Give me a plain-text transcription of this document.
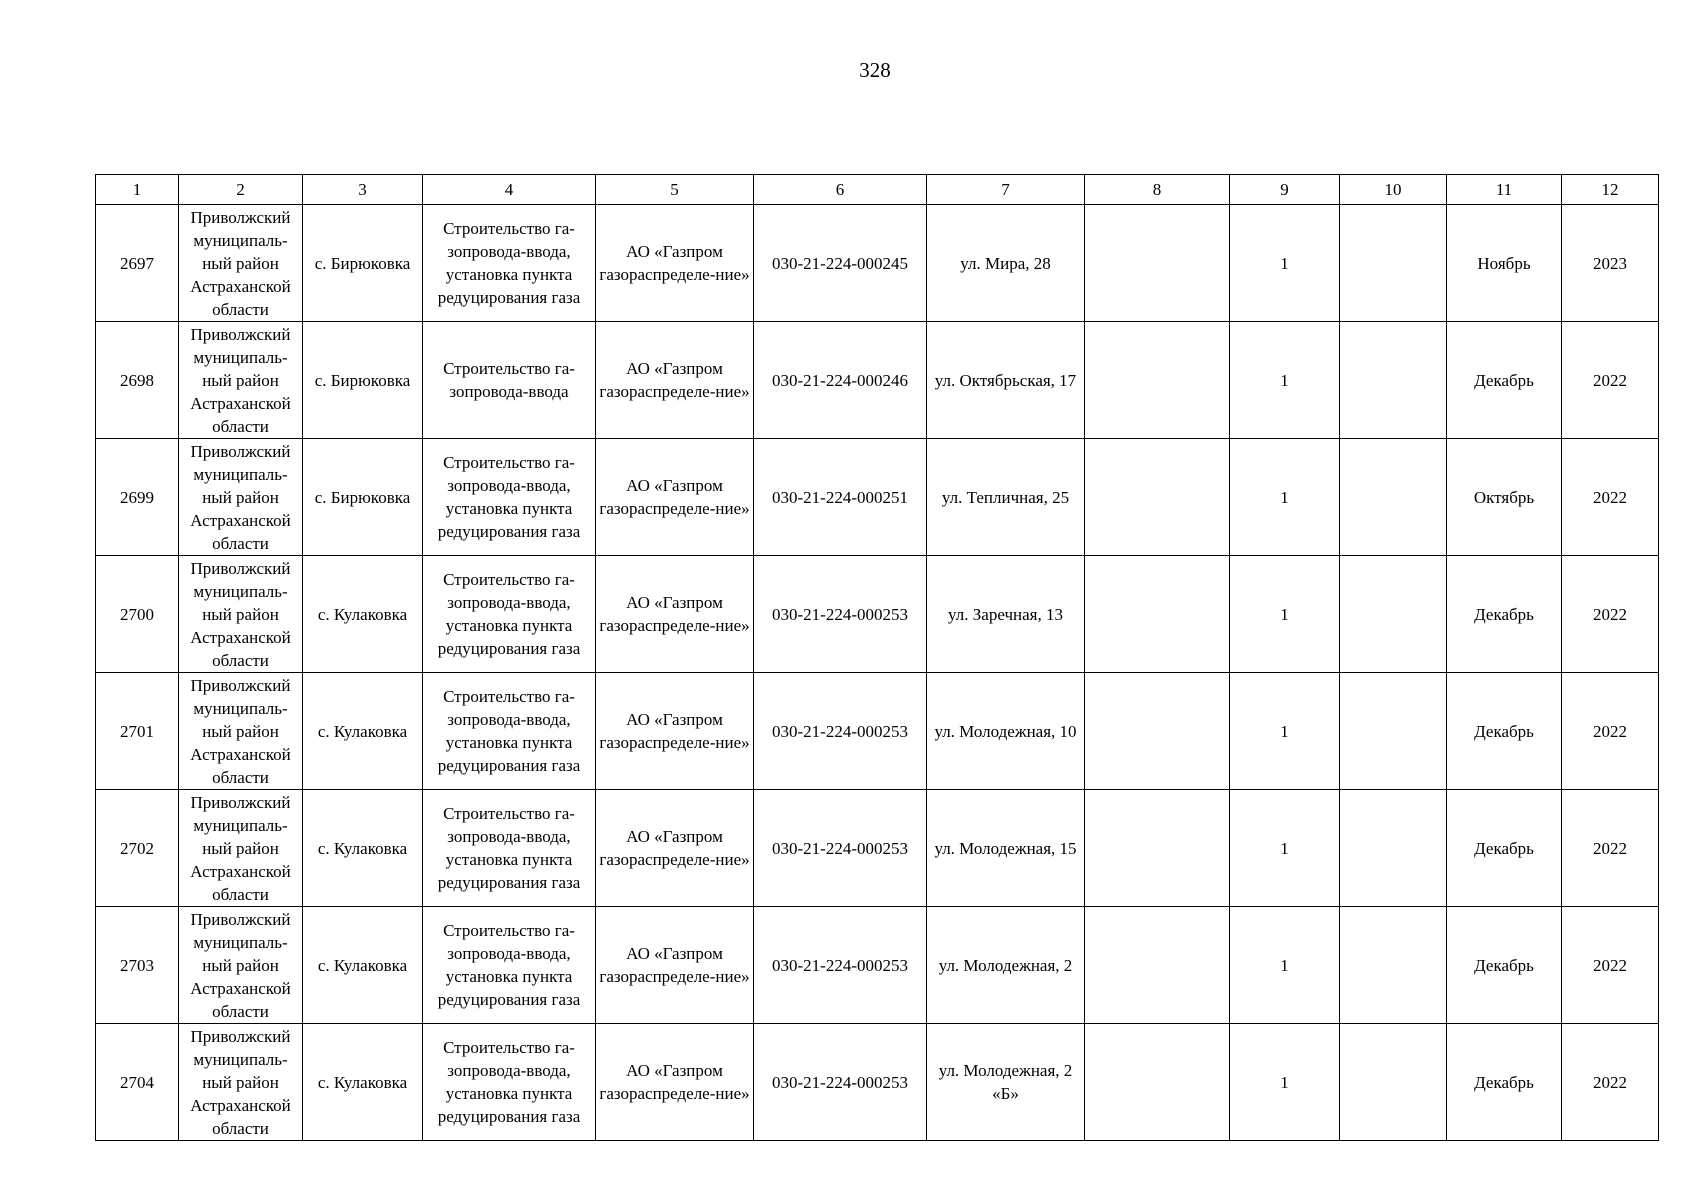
328
1	2	3	4	5	6	7	8	9	10	11	12

2697	Приволжский муниципаль-ный район Астраханской области	с. Бирюковка	Строительство га-зопровода-ввода, установка пункта редуцирования газа	АО «Газпром газораспределе-ние»	030-21-224-000245	ул. Мира, 28		1		Ноябрь	2023

2698	Приволжский муниципаль-ный район Астраханской области	с. Бирюковка	Строительство га-зопровода-ввода	АО «Газпром газораспределе-ние»	030-21-224-000246	ул. Октябрьская, 17		1		Декабрь	2022

2699	Приволжский муниципаль-ный район Астраханской области	с. Бирюковка	Строительство га-зопровода-ввода, установка пункта редуцирования газа	АО «Газпром газораспределе-ние»	030-21-224-000251	ул. Тепличная, 25		1		Октябрь	2022

2700	Приволжский муниципаль-ный район Астраханской области	с. Кулаковка	Строительство га-зопровода-ввода, установка пункта редуцирования газа	АО «Газпром газораспределе-ние»	030-21-224-000253	ул. Заречная, 13		1		Декабрь	2022

2701	Приволжский муниципаль-ный район Астраханской области	с. Кулаковка	Строительство га-зопровода-ввода, установка пункта редуцирования газа	АО «Газпром газораспределе-ние»	030-21-224-000253	ул. Молодежная, 10		1		Декабрь	2022

2702	Приволжский муниципаль-ный район Астраханской области	с. Кулаковка	Строительство га-зопровода-ввода, установка пункта редуцирования газа	АО «Газпром газораспределе-ние»	030-21-224-000253	ул. Молодежная, 15		1		Декабрь	2022

2703	Приволжский муниципаль-ный район Астраханской области	с. Кулаковка	Строительство га-зопровода-ввода, установка пункта редуцирования газа	АО «Газпром газораспределе-ние»	030-21-224-000253	ул. Молодежная, 2		1		Декабрь	2022

2704	Приволжский муниципаль-ный район Астраханской области	с. Кулаковка	Строительство га-зопровода-ввода, установка пункта редуцирования газа	АО «Газпром газораспределе-ние»	030-21-224-000253	ул. Молодежная, 2 «Б»		1		Декабрь	2022
